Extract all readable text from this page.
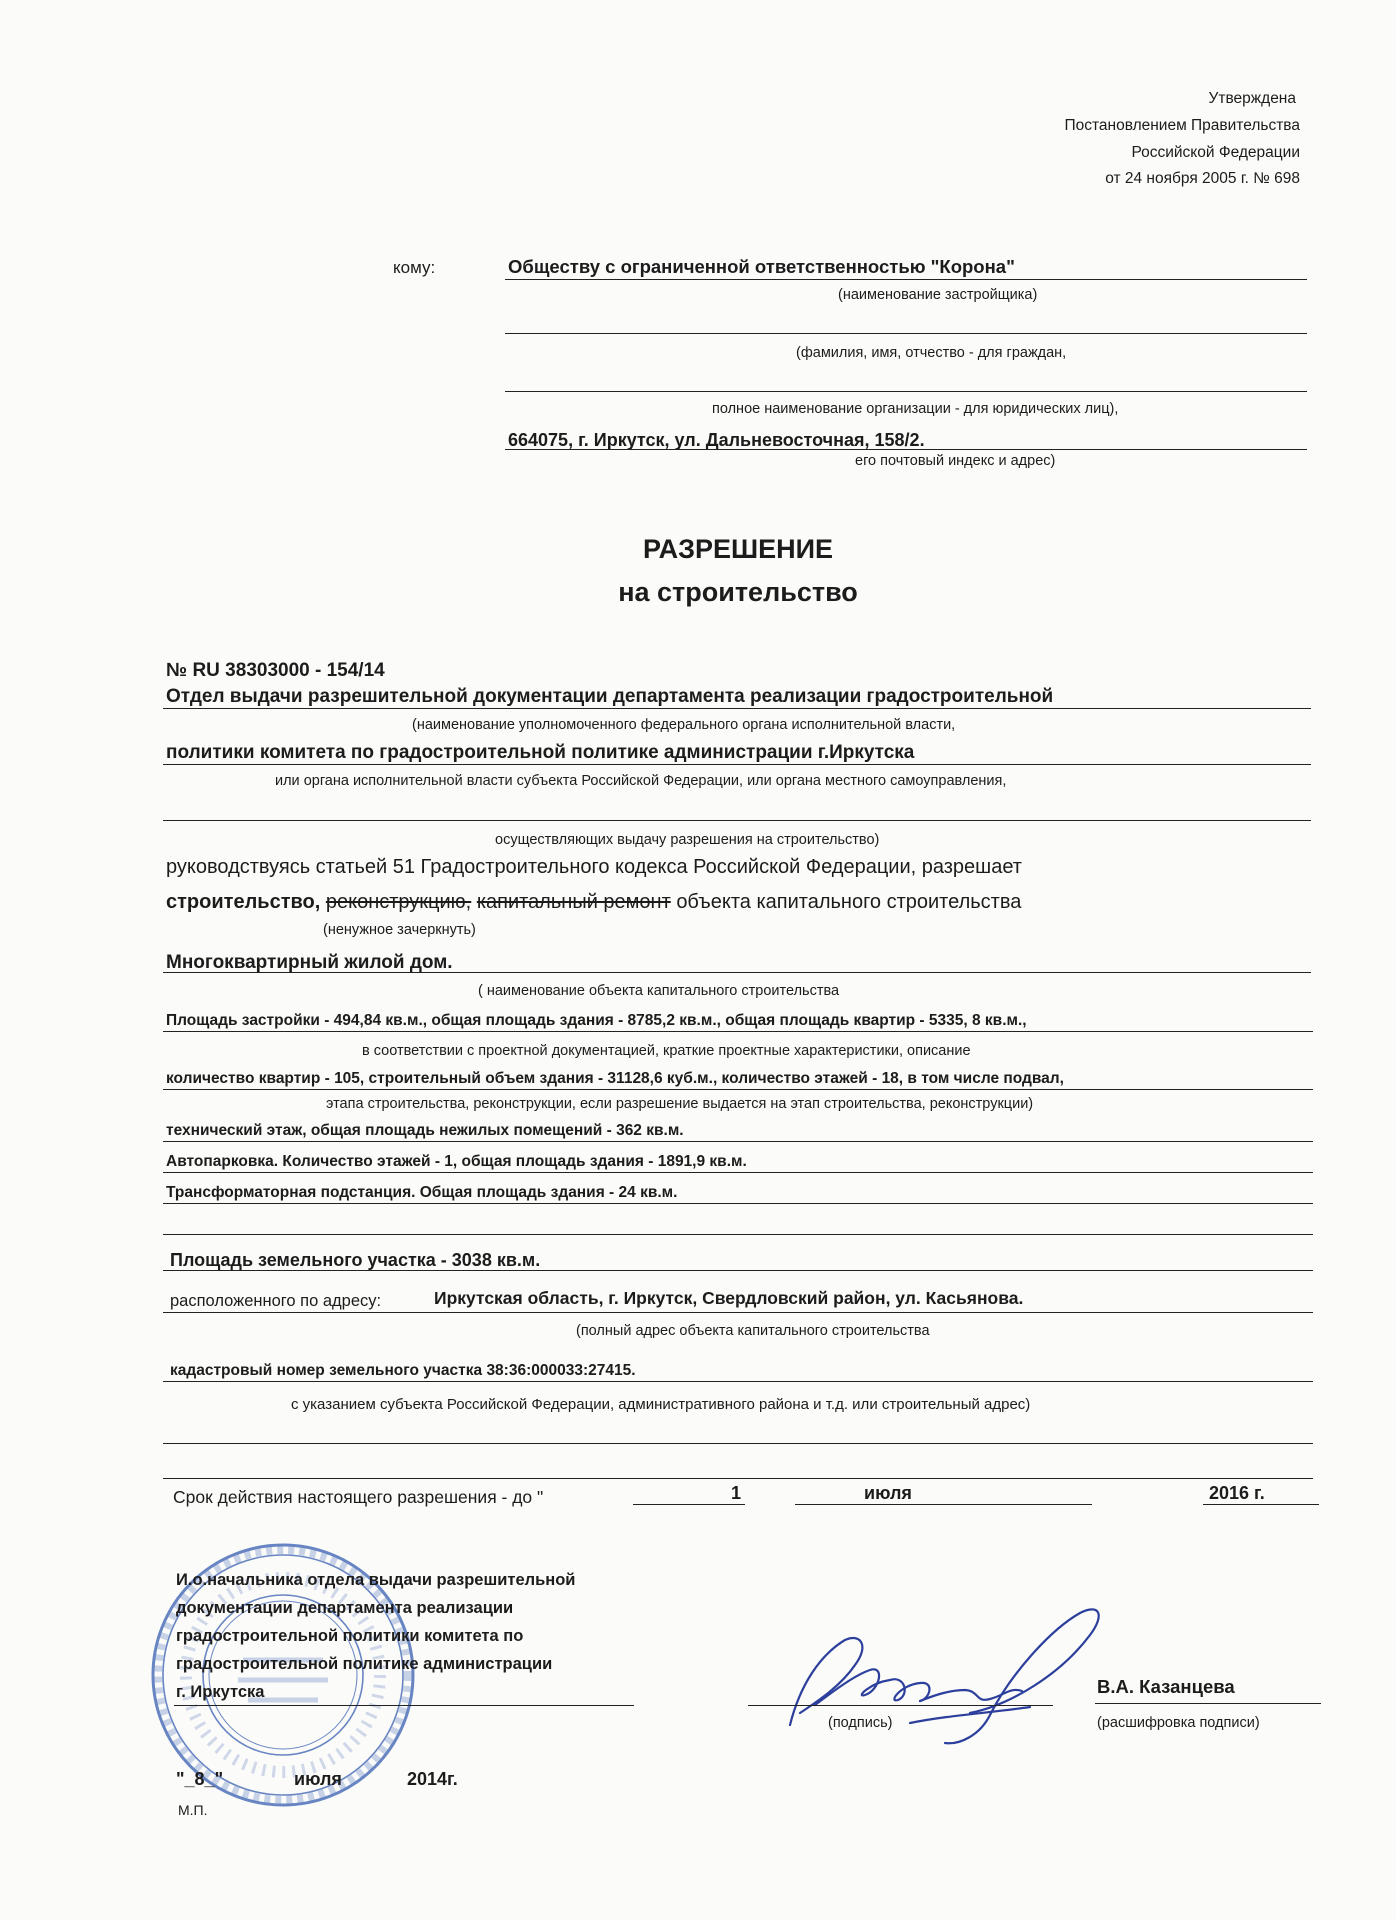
Утверждена
Постановлением Правительства
Российской Федерации
от 24 ноября 2005 г. № 698
кому:	Обществу с ограниченной ответственностью "Корона"
(наименование застройщика)
(фамилия, имя, отчество - для граждан,
полное наименование организации - для юридических лиц),
664075, г. Иркутск, ул. Дальневосточная, 158/2.
его почтовый индекс и адрес)
РАЗРЕШЕНИЕ
на строительство
№ RU 38303000 - 154/14
Отдел выдачи разрешительной документации департамента реализации градостроительной
(наименование уполномоченного федерального органа исполнительной власти,
политики комитета по градостроительной политике администрации г.Иркутска
или органа исполнительной власти субъекта Российской Федерации, или органа местного самоуправления,
осуществляющих выдачу разрешения на строительство)
руководствуясь статьей 51 Градостроительного кодекса Российской Федерации, разрешает
строительство, реконструкцию, капитальный ремонт объекта капитального строительства
(ненужное зачеркнуть)
Многоквартирный жилой дом.
( наименование объекта капитального строительства
Площадь застройки - 494,84 кв.м., общая площадь здания - 8785,2 кв.м., общая площадь квартир - 5335, 8 кв.м.,
в соответствии с проектной документацией, краткие проектные характеристики, описание
количество квартир - 105, строительный объем здания - 31128,6 куб.м., количество этажей - 18, в том числе подвал,
этапа строительства, реконструкции, если разрешение выдается на этап строительства, реконструкции)
технический этаж, общая площадь нежилых помещений - 362 кв.м.
Автопарковка. Количество этажей - 1, общая площадь здания - 1891,9 кв.м.
Трансформаторная подстанция. Общая площадь здания - 24 кв.м.
Площадь земельного участка - 3038 кв.м.
расположенного по адресу:	Иркутская область, г. Иркутск, Свердловский район, ул. Касьянова.
(полный адрес объекта капитального строительства
кадастровый номер земельного участка 38:36:000033:27415.
с указанием субъекта Российской Федерации, административного района и т.д. или строительный адрес)
Срок действия настоящего разрешения - до "	1	июля	2016 г.
И.о.начальника отдела выдачи разрешительной
документации департамента реализации
градостроительной политики комитета по
градостроительной политике администрации
г. Иркутска
(подпись)
В.А. Казанцева
(расшифровка подписи)
"_8_"	июля	2014г.
М.П.
